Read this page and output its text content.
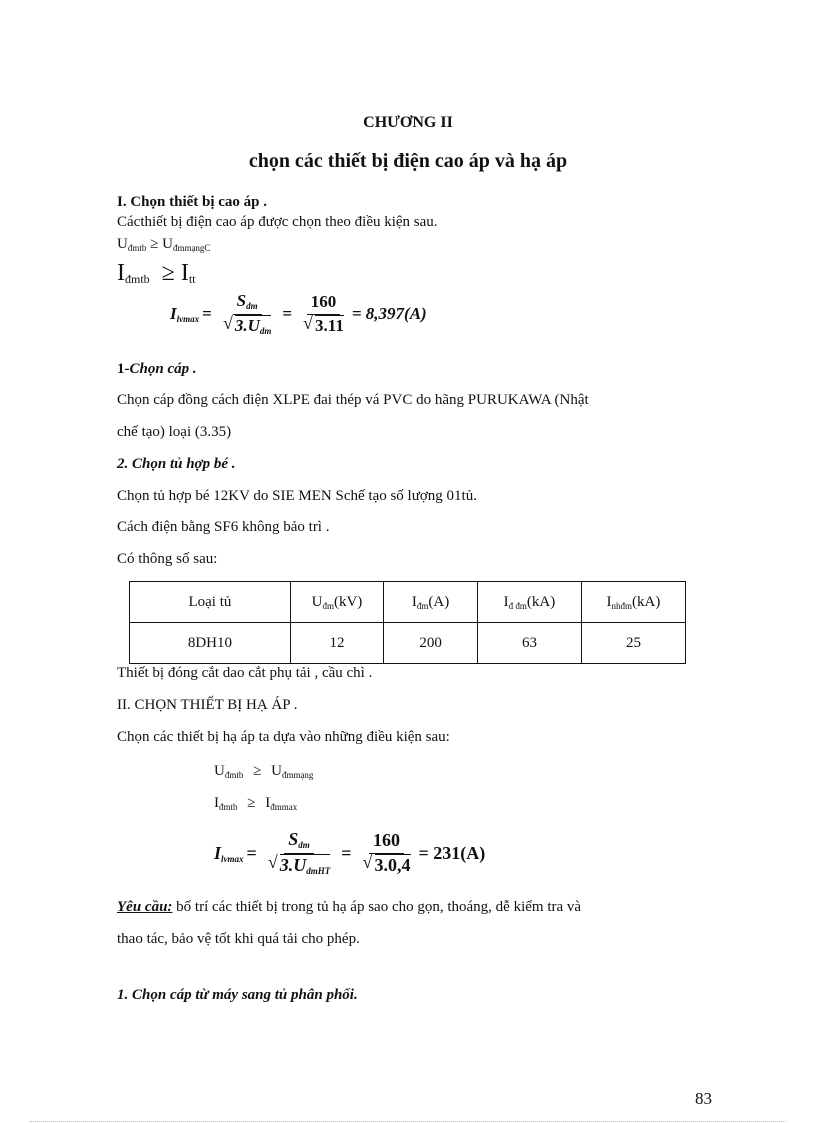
CHƯƠNG II
chọn các thiết bị điện cao áp và hạ áp
I. Chọn thiết bị cao áp .
Cácthiết bị điện cao áp được chọn theo điều kiện sau.
$U_{đmtb} \ge U_{đmmạngC}$
$I_{đmtb} \ge I_{tt}$
$I_{lvmax} = \frac{S_{dm}}{√ 3.U_{dm}} = \frac{160}{√ 3.11} = 8,397(A)$
1-Chọn cáp .
Chọn cáp đồng cách điện XLPE đai thép vá PVC do hãng PURUKAWA (Nhật
chế tạo) loại (3.35)
2. Chọn tủ hợp bé .
Chọn tủ hợp bé 12KV do SIE MEN Schế tạo số lượng 01tủ.
Cách điện bằng SF6 không bảo trì .
Có thông số sau:
Loại tủ	$U_{đm}(kV)$	$I_{đm}(A)$	$I_{đ đm}(kA)$	$I_{nhđm}(kA)$
8DH10	12	200	63	25
Thiết bị đóng cắt dao cắt phụ tải , cầu chì .
II. CHỌN THIẾT BỊ HẠ ÁP .
Chọn các thiết bị hạ áp ta dựa vào những điều kiện sau:
$U_{đmtb} \ge U_{đmmạng}$
$I_{đmtb} \ge I_{đmmax}$
$I_{lvmax} = \frac{S_{dm}}{√ 3.U_{dmHT}} = \frac{160}{√ 3.0,4} = 231(A)$
Yêu cầu: bố trí các thiết bị trong tủ hạ áp sao cho gọn, thoáng, dễ kiểm tra và
thao tác, bảo vệ tốt khi quá tải cho phép.
1. Chọn cáp từ máy sang tủ phân phối.
83
